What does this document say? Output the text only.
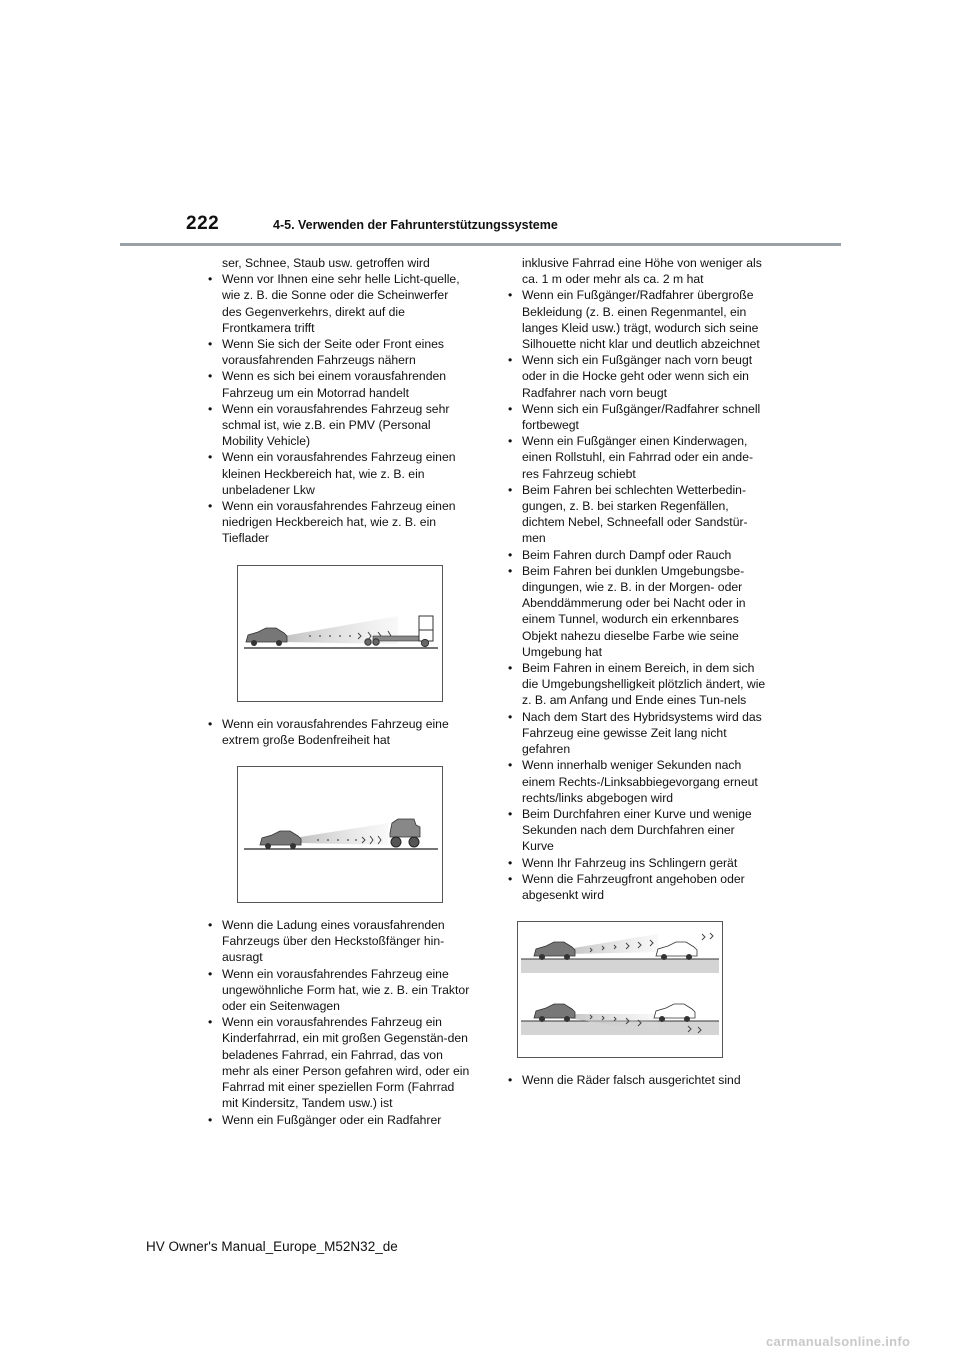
222	4-5. Verwenden der Fahrunterstützungssysteme
ser, Schnee, Staub usw. getroffen wird
• Wenn vor Ihnen eine sehr helle Licht-quelle, wie z. B. die Sonne oder die Scheinwerfer des Gegenverkehrs, direkt auf die Frontkamera trifft
• Wenn Sie sich der Seite oder Front eines vorausfahrenden Fahrzeugs nähern
• Wenn es sich bei einem vorausfahrenden Fahrzeug um ein Motorrad handelt
• Wenn ein vorausfahrendes Fahrzeug sehr schmal ist, wie z.B. ein PMV (Personal Mobility Vehicle)
• Wenn ein vorausfahrendes Fahrzeug einen kleinen Heckbereich hat, wie z. B. ein unbeladener Lkw
• Wenn ein vorausfahrendes Fahrzeug einen niedrigen Heckbereich hat, wie z. B. ein Tieflader
• Wenn ein vorausfahrendes Fahrzeug eine extrem große Bodenfreiheit hat
• Wenn die Ladung eines vorausfahrenden Fahrzeugs über den Heckstoßfänger hin-ausragt
• Wenn ein vorausfahrendes Fahrzeug eine ungewöhnliche Form hat, wie z. B. ein Traktor oder ein Seitenwagen
• Wenn ein vorausfahrendes Fahrzeug ein Kinderfahrrad, ein mit großen Gegenstän-den beladenes Fahrrad, ein Fahrrad, das von mehr als einer Person gefahren wird, oder ein Fahrrad mit einer speziellen Form (Fahrrad mit Kindersitz, Tandem usw.) ist
• Wenn ein Fußgänger oder ein Radfahrer
inklusive Fahrrad eine Höhe von weniger als ca. 1 m oder mehr als ca. 2 m hat
• Wenn ein Fußgänger/Radfahrer übergroße Bekleidung (z. B. einen Regenmantel, ein langes Kleid usw.) trägt, wodurch sich seine Silhouette nicht klar und deutlich abzeichnet
• Wenn sich ein Fußgänger nach vorn beugt oder in die Hocke geht oder wenn sich ein Radfahrer nach vorn beugt
• Wenn sich ein Fußgänger/Radfahrer schnell fortbewegt
• Wenn ein Fußgänger einen Kinderwagen, einen Rollstuhl, ein Fahrrad oder ein ande-res Fahrzeug schiebt
• Beim Fahren bei schlechten Wetterbedin-gungen, z. B. bei starken Regenfällen, dichtem Nebel, Schneefall oder Sandstür-men
• Beim Fahren durch Dampf oder Rauch
• Beim Fahren bei dunklen Umgebungsbe-dingungen, wie z. B. in der Morgen- oder Abenddämmerung oder bei Nacht oder in einem Tunnel, wodurch ein erkennbares Objekt nahezu dieselbe Farbe wie seine Umgebung hat
• Beim Fahren in einem Bereich, in dem sich die Umgebungshelligkeit plötzlich ändert, wie z. B. am Anfang und Ende eines Tun-nels
• Nach dem Start des Hybridsystems wird das Fahrzeug eine gewisse Zeit lang nicht gefahren
• Wenn innerhalb weniger Sekunden nach einem Rechts-/Linksabbiegevorgang erneut rechts/links abgebogen wird
• Beim Durchfahren einer Kurve und wenige Sekunden nach dem Durchfahren einer Kurve
• Wenn Ihr Fahrzeug ins Schlingern gerät
• Wenn die Fahrzeugfront angehoben oder abgesenkt wird
• Wenn die Räder falsch ausgerichtet sind
HV Owner's Manual_Europe_M52N32_de
carmanualsonline.info
